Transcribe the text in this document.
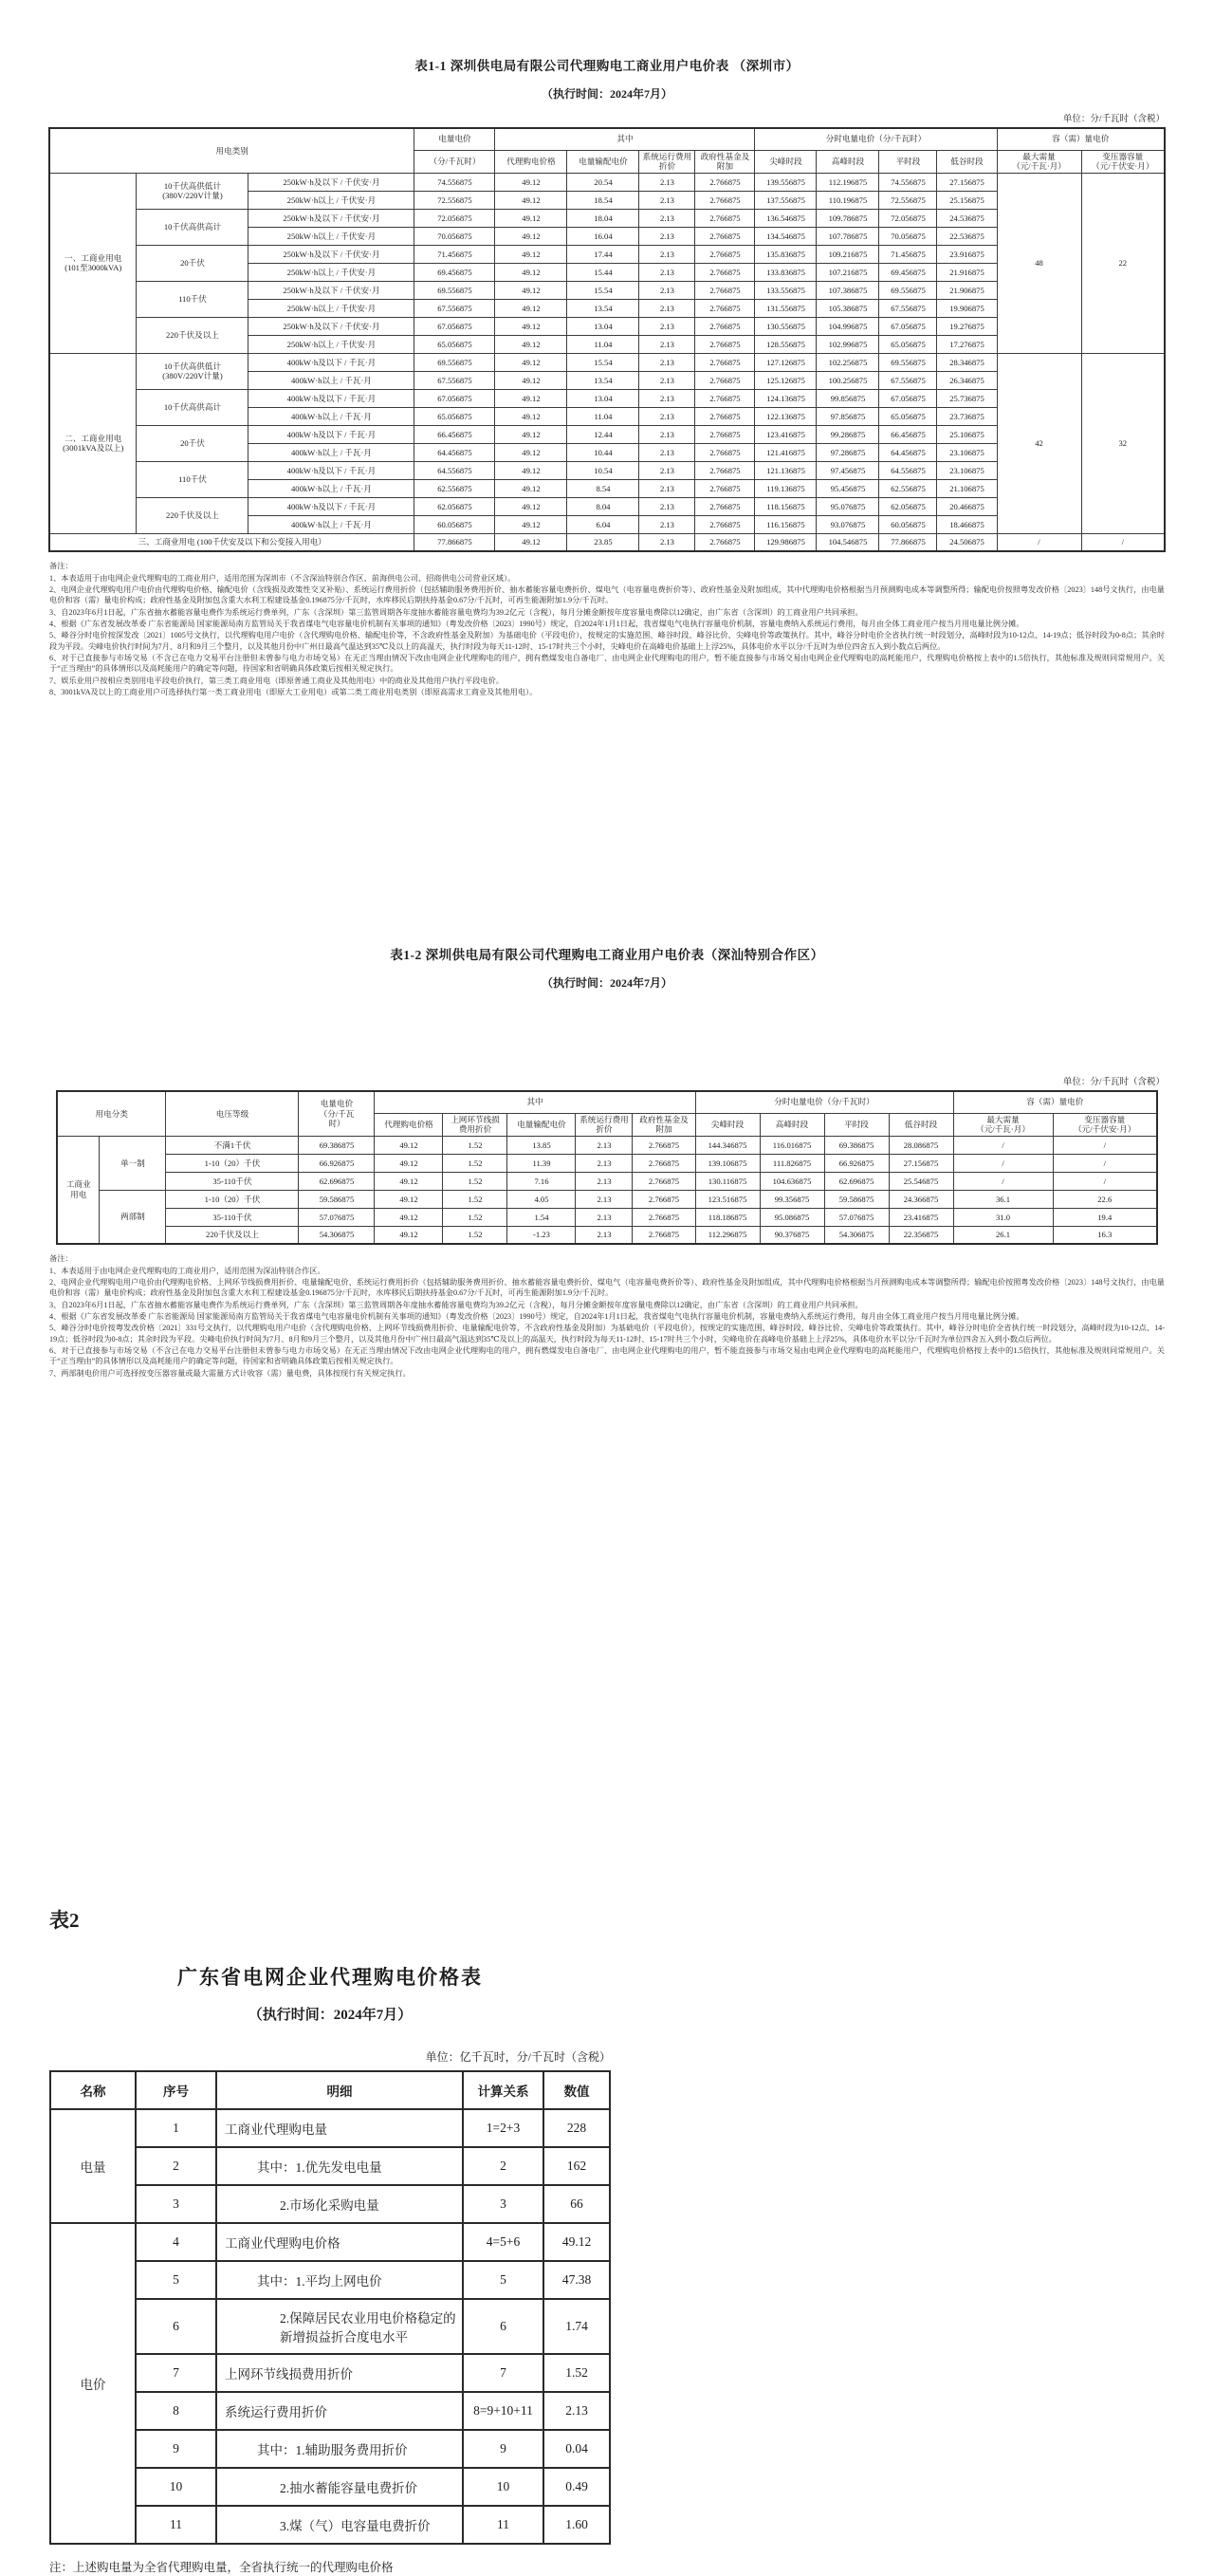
表1-1 深圳供电局有限公司代理购电工商业用户电价表 （深圳市）
（执行时间：2024年7月）
单位：分/千瓦时（含税）
用电类别			电量电价	其中				分时电量电价（分/千瓦时）				容（需）量电价	
			（分/千瓦时）	代理购电价格	电量输配电价	系统运行费用
折价	政府性基金及
附加	尖峰时段	高峰时段	平时段	低谷时段	最大需量
（元/千瓦·月）	变压器容量
（元/千伏安·月）
一、工商业用电
(101至3000kVA)	10千伏高供低计
(380V/220V计量)	250kW·h及以下 / 千伏安·月	74.556875	49.12	20.54	2.13	2.766875	139.556875	112.196875	74.556875	27.156875	48	22
		250kW·h以上 / 千伏安·月	72.556875	49.12	18.54	2.13	2.766875	137.556875	110.196875	72.556875	25.156875		
	10千伏高供高计	250kW·h及以下 / 千伏安·月	72.056875	49.12	18.04	2.13	2.766875	136.546875	109.786875	72.056875	24.536875		
		250kW·h以上 / 千伏安·月	70.056875	49.12	16.04	2.13	2.766875	134.546875	107.786875	70.056875	22.536875		
	20千伏	250kW·h及以下 / 千伏安·月	71.456875	49.12	17.44	2.13	2.766875	135.836875	109.216875	71.456875	23.916875		
		250kW·h以上 / 千伏安·月	69.456875	49.12	15.44	2.13	2.766875	133.836875	107.216875	69.456875	21.916875		
	110千伏	250kW·h及以下 / 千伏安·月	69.556875	49.12	15.54	2.13	2.766875	133.556875	107.386875	69.556875	21.906875		
		250kW·h以上 / 千伏安·月	67.556875	49.12	13.54	2.13	2.766875	131.556875	105.386875	67.556875	19.906875		
	220千伏及以上	250kW·h及以下 / 千伏安·月	67.056875	49.12	13.04	2.13	2.766875	130.556875	104.996875	67.056875	19.276875		
		250kW·h以上 / 千伏安·月	65.056875	49.12	11.04	2.13	2.766875	128.556875	102.996875	65.056875	17.276875		
二、工商业用电
(3001kVA及以上)	10千伏高供低计
(380V/220V计量)	400kW·h及以下 / 千瓦·月	69.556875	49.12	15.54	2.13	2.766875	127.126875	102.256875	69.556875	28.346875	42	32
		400kW·h以上 / 千瓦·月	67.556875	49.12	13.54	2.13	2.766875	125.126875	100.256875	67.556875	26.346875		
	10千伏高供高计	400kW·h及以下 / 千瓦·月	67.056875	49.12	13.04	2.13	2.766875	124.136875	99.856875	67.056875	25.736875		
		400kW·h以上 / 千瓦·月	65.056875	49.12	11.04	2.13	2.766875	122.136875	97.856875	65.056875	23.736875		
	20千伏	400kW·h及以下 / 千瓦·月	66.456875	49.12	12.44	2.13	2.766875	123.416875	99.286875	66.456875	25.106875		
		400kW·h以上 / 千瓦·月	64.456875	49.12	10.44	2.13	2.766875	121.416875	97.286875	64.456875	23.106875		
	110千伏	400kW·h及以下 / 千瓦·月	64.556875	49.12	10.54	2.13	2.766875	121.136875	97.456875	64.556875	23.106875		
		400kW·h以上 / 千瓦·月	62.556875	49.12	8.54	2.13	2.766875	119.136875	95.456875	62.556875	21.106875		
	220千伏及以上	400kW·h及以下 / 千瓦·月	62.056875	49.12	8.04	2.13	2.766875	118.156875	95.076875	62.056875	20.466875		
		400kW·h以上 / 千瓦·月	60.056875	49.12	6.04	2.13	2.766875	116.156875	93.076875	60.056875	18.466875		
三、工商业用电 (100千伏安及以下和公变接入用电）			77.866875	49.12	23.85	2.13	2.766875	129.986875	104.546875	77.866875	24.506875	/	/
备注：
1、本表适用于由电网企业代理购电的工商业用户，适用范围为深圳市（不含深汕特别合作区、前海供电公司、招商供电公司营业区域）。
2、电网企业代理购电用户电价由代理购电价格、输配电价（含线损及政策性交叉补贴）、系统运行费用折价（包括辅助服务费用折价、抽水蓄能容量电费折价、煤电气（电容量电费折价等）、政府性基金及附加组成，其中代理购电价格根据当月预测购电成本等调整所得；输配电价按照粤发改价格〔2023〕148号文执行，由电量电价和容（需）量电价构成；政府性基金及附加包含重大水利工程建设基金0.196875分/千瓦时，水库移民后期扶持基金0.67分/千瓦时，可再生能源附加1.9分/千瓦时。
3、自2023年6月1日起，广东省抽水蓄能容量电费作为系统运行费单列，广东（含深圳）第三监管周期各年度抽水蓄能容量电费均为39.2亿元（含税），每月分摊金额按年度容量电费除以12确定，由广东省（含深圳）的工商业用户共同承担。
4、根据《广东省发展改革委 广东省能源局 国家能源局南方监管局关于我省煤电气电容量电价机制有关事项的通知》（粤发改价格〔2023〕1990号）规定，自2024年1月1日起，我省煤电气电执行容量电价机制，容量电费纳入系统运行费用，每月由全体工商业用户按当月用电量比例分摊。
5、峰谷分时电价按深发改〔2021〕1005号文执行，以代理购电用户电价（含代理购电价格、输配电价等，不含政府性基金及附加）为基础电价（平段电价），按规定的实施范围、峰谷时段、峰谷比价、尖峰电价等政策执行。其中，峰谷分时电价全省执行统一时段划分，高峰时段为10-12点、14-19点；低谷时段为0-8点；其余时段为平段。尖峰电价执行时间为7月、8月和9月三个整月，以及其他月份中广州日最高气温达到35℃及以上的高温天，执行时段为每天11-12时、15-17时共三个小时，尖峰电价在高峰电价基础上上浮25%，具体电价水平以分/千瓦时为单位四舍五入到小数点后两位。
6、对于已直接参与市场交易（不含已在电力交易平台注册但未曾参与电力市场交易）在无正当理由情况下改由电网企业代理购电的用户，拥有燃煤发电自备电厂、由电网企业代理购电的用户，暂不能直接参与市场交易由电网企业代理购电的高耗能用户，代理购电价格按上表中的1.5倍执行，其他标准及规则同常规用户。关于“正当理由”的具体情形以及高耗能用户的确定等问题，待国家和省明确具体政策后按相关规定执行。
7、娱乐业用户按相应类别用电平段电价执行，第三类工商业用电（即原普通工商业及其他用电）中的商业及其他用户执行平段电价。
8、3001kVA及以上的工商业用户可选择执行第一类工商业用电（即原大工业用电）或第二类工商业用电类别（即原高需求工商业及其他用电）。
表1-2 深圳供电局有限公司代理购电工商业用户电价表（深汕特别合作区）
（执行时间：2024年7月）
单位：分/千瓦时（含税）
用电分类		电压等级	电量电价
（分/千瓦
时）	其中					分时电量电价（分/千瓦时）				容（需）量电价	
				代理购电价格	上网环节线损
费用折价	电量输配电价	系统运行费用
折价	政府性基金及
附加	尖峰时段	高峰时段	平时段	低谷时段	最大需量
（元/千瓦·月）	变压器容量
（元/千伏安·月）
工商业
用电	单一制	不满1千伏	69.386875	49.12	1.52	13.85	2.13	2.766875	144.346875	116.016875	69.386875	28.086875	/	/
		1-10（20）千伏	66.926875	49.12	1.52	11.39	2.13	2.766875	139.106875	111.826875	66.926875	27.156875	/	/
		35-110千伏	62.696875	49.12	1.52	7.16	2.13	2.766875	130.116875	104.636875	62.696875	25.546875	/	/
	两部制	1-10（20）千伏	59.586875	49.12	1.52	4.05	2.13	2.766875	123.516875	99.356875	59.586875	24.366875	36.1	22.6
		35-110千伏	57.076875	49.12	1.52	1.54	2.13	2.766875	118.186875	95.086875	57.076875	23.416875	31.0	19.4
		220千伏及以上	54.306875	49.12	1.52	-1.23	2.13	2.766875	112.296875	90.376875	54.306875	22.356875	26.1	16.3
备注：
1、本表适用于由电网企业代理购电的工商业用户，适用范围为深汕特别合作区。
2、电网企业代理购电用户电价由代理购电价格、上网环节线损费用折价、电量输配电价、系统运行费用折价（包括辅助服务费用折价、抽水蓄能容量电费折价、煤电气（电容量电费折价等）、政府性基金及附加组成，其中代理购电价格根据当月预测购电成本等调整所得；输配电价按照粤发改价格〔2023〕148号文执行，由电量电价和容（需）量电价构成；政府性基金及附加包含重大水利工程建设基金0.196875分/千瓦时，水库移民后期扶持基金0.67分/千瓦时，可再生能源附加1.9分/千瓦时。
3、自2023年6月1日起，广东省抽水蓄能容量电费作为系统运行费单列，广东（含深圳）第三监管周期各年度抽水蓄能容量电费均为39.2亿元（含税），每月分摊金额按年度容量电费除以12确定，由广东省（含深圳）的工商业用户共同承担。
4、根据《广东省发展改革委 广东省能源局 国家能源局南方监管局关于我省煤电气电容量电价机制有关事项的通知》（粤发改价格〔2023〕1990号）规定，自2024年1月1日起，我省煤电气电执行容量电价机制，容量电费纳入系统运行费用，每月由全体工商业用户按当月用电量比例分摊。
5、峰谷分时电价按粤发改价格〔2021〕331号文执行，以代理购电用户电价（含代理购电价格、上网环节线损费用折价、电量输配电价等，不含政府性基金及附加）为基础电价（平段电价），按规定的实施范围、峰谷时段、峰谷比价、尖峰电价等政策执行。其中，峰谷分时电价全省执行统一时段划分，高峰时段为10-12点、14-19点；低谷时段为0-8点；其余时段为平段。尖峰电价执行时间为7月、8月和9月三个整月，以及其他月份中广州日最高气温达到35℃及以上的高温天，执行时段为每天11-12时、15-17时共三个小时，尖峰电价在高峰电价基础上上浮25%，具体电价水平以分/千瓦时为单位四舍五入到小数点后两位。
6、对于已直接参与市场交易（不含已在电力交易平台注册但未曾参与电力市场交易）在无正当理由情况下改由电网企业代理购电的用户，拥有燃煤发电自备电厂、由电网企业代理购电的用户，暂不能直接参与市场交易由电网企业代理购电的高耗能用户，代理购电价格按上表中的1.5倍执行，其他标准及规则同常规用户。关于“正当理由”的具体情形以及高耗能用户的确定等问题，待国家和省明确具体政策后按相关规定执行。
7、两部制电价用户可选择按变压器容量或最大需量方式计收容（需）量电费，具体按现行有关规定执行。
表2
广东省电网企业代理购电价格表
（执行时间：2024年7月）
单位：亿千瓦时，分/千瓦时（含税）
名称	序号	明细	计算关系	数值
电量	1	工商业代理购电量	1=2+3	228
	2	其中：1.优先发电电量	2	162
	3	2.市场化采购电量	3	66
电价	4	工商业代理购电价格	4=5+6	49.12
	5	其中：1.平均上网电价	5	47.38
	6	2.保障居民农业用电价格稳定的新增损益折合度电水平	6	1.74
	7	上网环节线损费用折价	7	1.52
	8	系统运行费用折价	8=9+10+11	2.13
	9	其中：1.辅助服务费用折价	9	0.04
	10	2.抽水蓄能容量电费折价	10	0.49
	11	3.煤（气）电容量电费折价	11	1.60
注：上述购电量为全省代理购电量，全省执行统一的代理购电价格
